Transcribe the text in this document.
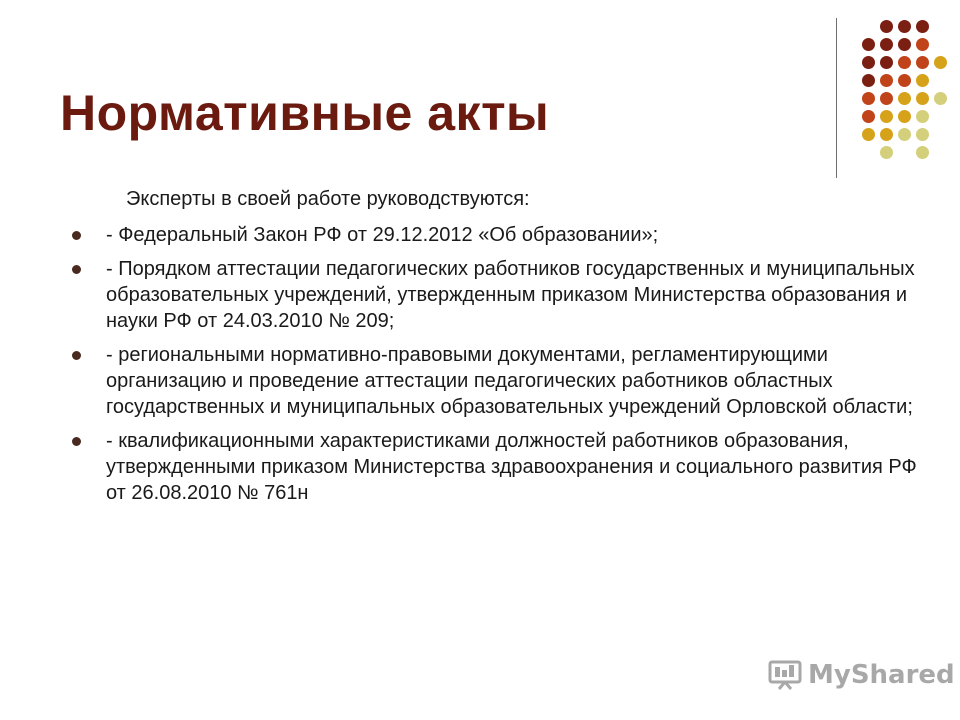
Нормативные акты
Эксперты в своей работе руководствуются:
- Федеральный Закон РФ от 29.12.2012 «Об образовании»;
- Порядком аттестации педагогических работников государственных и муниципальных образовательных учреждений, утвержденным приказом Министерства образования и науки РФ от 24.03.2010 № 209;
- региональными нормативно-правовыми документами, регламентирующими организацию и проведение аттестации педагогических работников областных государственных и муниципальных образовательных учреждений Орловской области;
- квалификационными характеристиками должностей работников образования, утвержденными приказом Министерства здравоохранения и социального развития РФ от 26.08.2010 № 761н
MyShared
